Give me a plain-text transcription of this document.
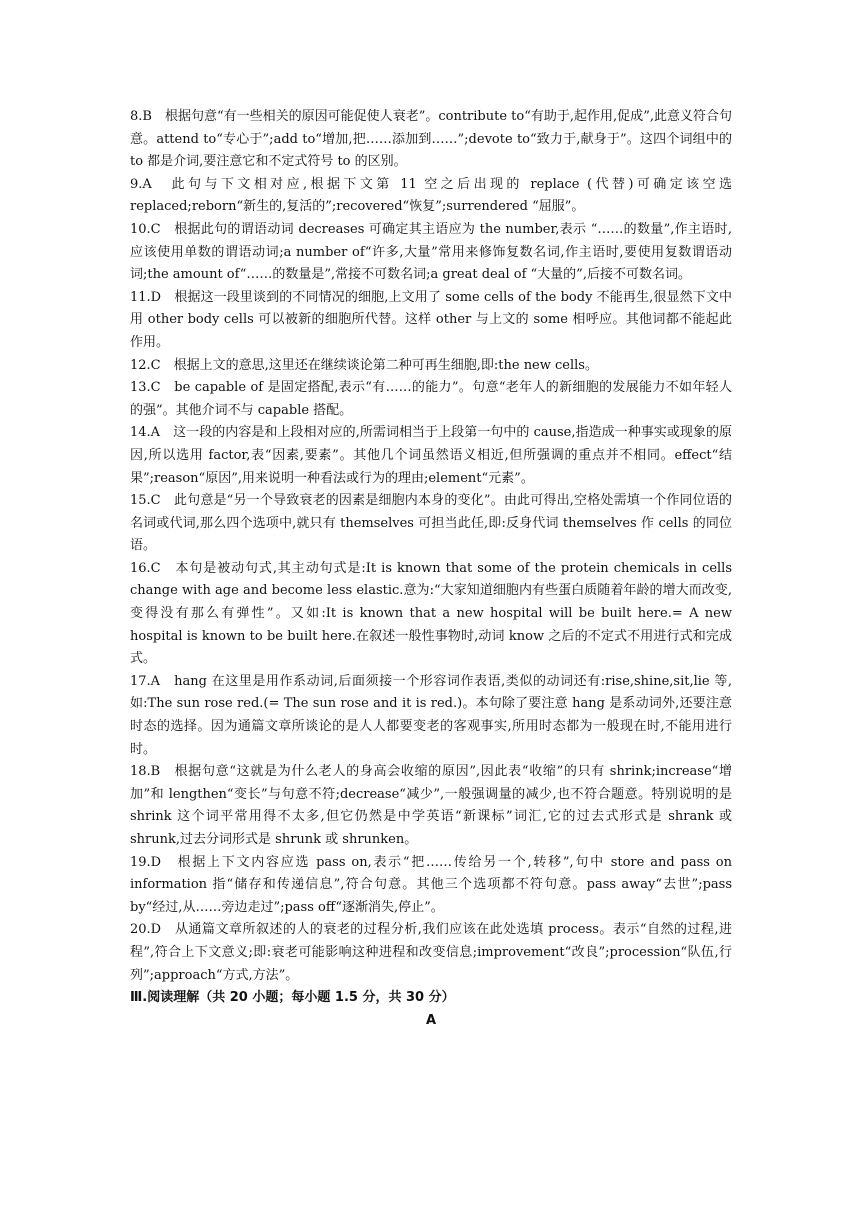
8.B　根据句意“有一些相关的原因可能促使人衰老”。contribute to“有助于,起作用,促成”,此意义符合句意。attend to“专心于”;add to“增加,把……添加到……”;devote to“致力于,献身于”。这四个词组中的 to 都是介词,要注意它和不定式符号 to 的区别。

9.A　此句与下文相对应,根据下文第 11 空之后出现的 replace (代替)可确定该空选 replaced;reborn“新生的,复活的”;recovered“恢复”;surrendered “屈服”。

10.C　根据此句的谓语动词 decreases 可确定其主语应为 the number,表示 “……的数量”,作主语时,应该使用单数的谓语动词;a number of“许多,大量”常用来修饰复数名词,作主语时,要使用复数谓语动词;the amount of“……的数量是”,常接不可数名词;a great deal of “大量的”,后接不可数名词。

11.D　根据这一段里谈到的不同情况的细胞,上文用了 some cells of the body 不能再生,很显然下文中用 other body cells 可以被新的细胞所代替。这样 other 与上文的 some 相呼应。其他词都不能起此作用。

12.C　根据上文的意思,这里还在继续谈论第二种可再生细胞,即:the new cells。

13.C　be capable of 是固定搭配,表示“有……的能力”。句意“老年人的新细胞的发展能力不如年轻人的强”。其他介词不与 capable 搭配。

14.A　这一段的内容是和上段相对应的,所需词相当于上段第一句中的 cause,指造成一种事实或现象的原因,所以选用 factor,表“因素,要素”。其他几个词虽然语义相近,但所强调的重点并不相同。effect“结果”;reason“原因”,用来说明一种看法或行为的理由;element“元素”。

15.C　此句意是“另一个导致衰老的因素是细胞内本身的变化”。由此可得出,空格处需填一个作同位语的名词或代词,那么四个选项中,就只有 themselves 可担当此任,即:反身代词 themselves 作 cells 的同位语。

16.C　本句是被动句式,其主动句式是:It is known that some of the protein chemicals in cells change with age and become less elastic.意为:“大家知道细胞内有些蛋白质随着年龄的增大而改变,变得没有那么有弹性”。又如:It is known that a new hospital will be built here.= A new hospital is known to be built here.在叙述一般性事物时,动词 know 之后的不定式不用进行式和完成式。

17.A　hang 在这里是用作系动词,后面须接一个形容词作表语,类似的动词还有:rise,shine,sit,lie 等,如:The sun rose red.(= The sun rose and it is red.)。本句除了要注意 hang 是系动词外,还要注意时态的选择。因为通篇文章所谈论的是人人都要变老的客观事实,所用时态都为一般现在时,不能用进行时。

18.B　根据句意“这就是为什么老人的身高会收缩的原因”,因此表“收缩”的只有 shrink;increase“增加”和 lengthen“变长”与句意不符;decrease“减少”,一般强调量的减少,也不符合题意。特别说明的是 shrink 这个词平常用得不太多,但它仍然是中学英语“新课标”词汇,它的过去式形式是 shrank 或 shrunk,过去分词形式是 shrunk 或 shrunken。

19.D　根据上下文内容应选 pass on,表示“把……传给另一个,转移”,句中 store and pass on information 指“储存和传递信息”,符合句意。其他三个选项都不符句意。pass away“去世”;pass by“经过,从……旁边走过”;pass off“逐渐消失,停止”。

20.D　从通篇文章所叙述的人的衰老的过程分析,我们应该在此处选填 process。表示“自然的过程,进程”,符合上下文意义;即:衰老可能影响这种进程和改变信息;improvement“改良”;procession“队伍,行列”;approach“方式,方法”。

Ⅲ.阅读理解（共 20 小题；每小题 1.5 分，共 30 分）

A
